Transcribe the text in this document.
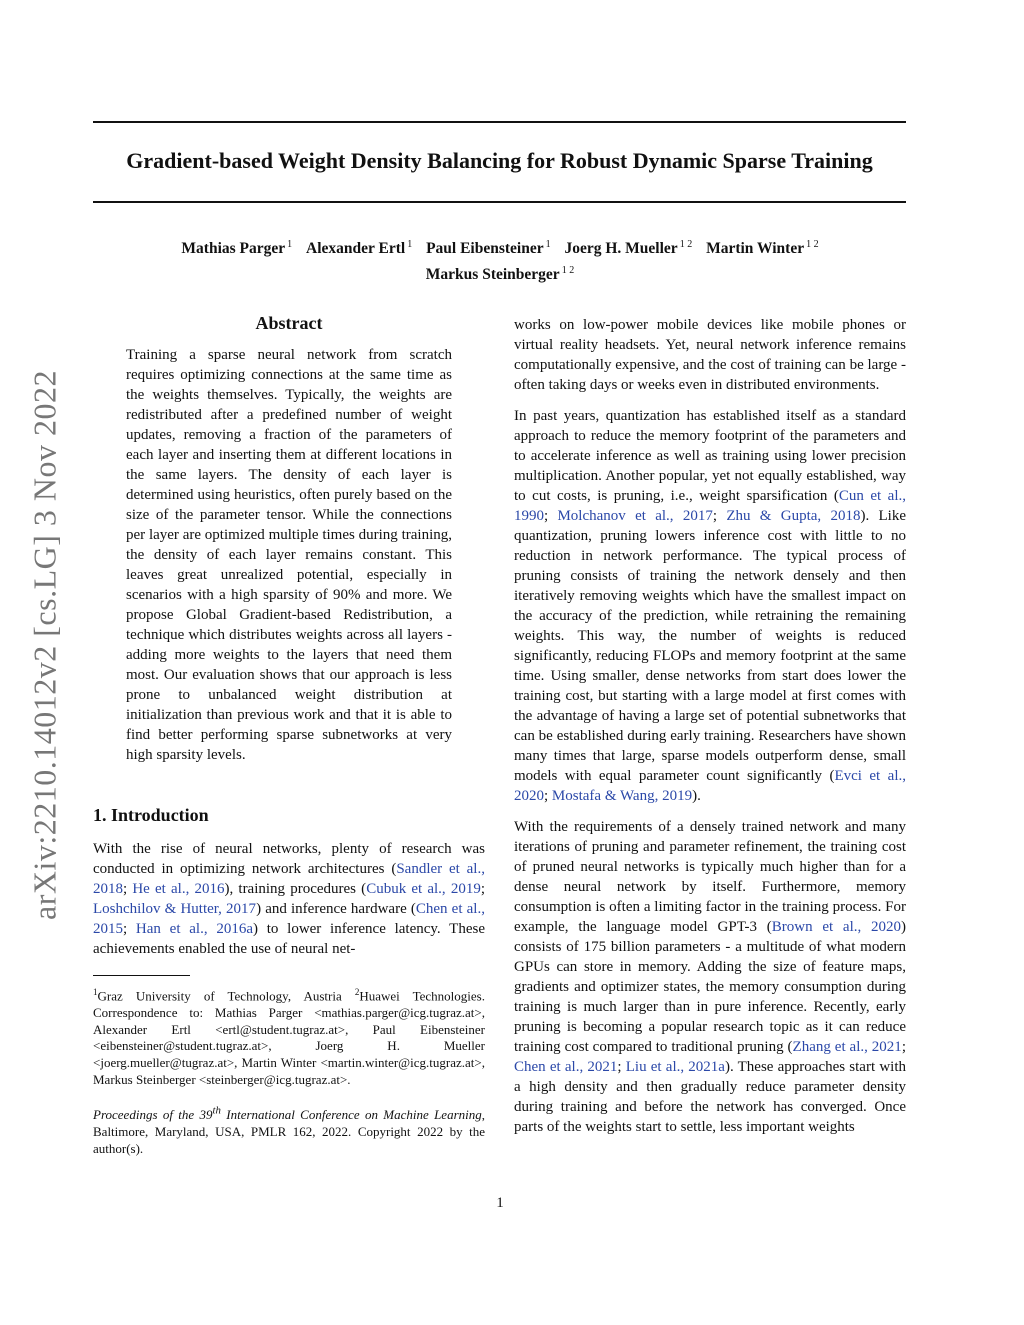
arXiv:2210.14012v2 [cs.LG] 3 Nov 2022
Gradient-based Weight Density Balancing for Robust Dynamic Sparse Training
Mathias Parger $^1$ Alexander Ertl $^1$ Paul Eibensteiner $^1$ Joerg H. Mueller $^{1 2}$ Martin Winter $^{1 2}$
Markus Steinberger $^{1 2}$
Abstract

Training a sparse neural network from scratch requires optimizing connections at the same time as the weights themselves. Typically, the weights are redistributed after a predefined number of weight updates, removing a fraction of the parameters of each layer and inserting them at different locations in the same layers. The density of each layer is determined using heuristics, often purely based on the size of the parameter tensor. While the connections per layer are optimized multiple times during training, the density of each layer remains constant. This leaves great unrealized potential, especially in scenarios with a high sparsity of 90% and more. We propose Global Gradient-based Redistribution, a technique which distributes weights across all layers - adding more weights to the layers that need them most. Our evaluation shows that our approach is less prone to unbalanced weight distribution at initialization than previous work and that it is able to find better performing sparse subnetworks at very high sparsity levels.

1. Introduction

With the rise of neural networks, plenty of research was conducted in optimizing network architectures (Sandler et al., 2018; He et al., 2016), training procedures (Cubuk et al., 2019; Loshchilov & Hutter, 2017) and inference hardware (Chen et al., 2015; Han et al., 2016a) to lower inference latency. These achievements enabled the use of neural net-

$^1$Graz University of Technology, Austria $^2$Huawei Technologies. Correspondence to: Mathias Parger <mathias.parger@icg.tugraz.at>, Alexander Ertl <ertl@student.tugraz.at>, Paul Eibensteiner <eibensteiner@student.tugraz.at>, Joerg H. Mueller <joerg.mueller@tugraz.at>, Martin Winter <martin.winter@icg.tugraz.at>, Markus Steinberger <steinberger@icg.tugraz.at>.

Proceedings of the 39th International Conference on Machine Learning, Baltimore, Maryland, USA, PMLR 162, 2022. Copyright 2022 by the author(s).

works on low-power mobile devices like mobile phones or virtual reality headsets. Yet, neural network inference remains computationally expensive, and the cost of training can be large - often taking days or weeks even in distributed environments.

In past years, quantization has established itself as a standard approach to reduce the memory footprint of the parameters and to accelerate inference as well as training using lower precision multiplication. Another popular, yet not equally established, way to cut costs, is pruning, i.e., weight sparsification (Cun et al., 1990; Molchanov et al., 2017; Zhu & Gupta, 2018). Like quantization, pruning lowers inference cost with little to no reduction in network performance. The typical process of pruning consists of training the network densely and then iteratively removing weights which have the smallest impact on the accuracy of the prediction, while retraining the remaining weights. This way, the number of weights is reduced significantly, reducing FLOPs and memory footprint at the same time. Using smaller, dense networks from start does lower the training cost, but starting with a large model at first comes with the advantage of having a large set of potential subnetworks that can be established during early training. Researchers have shown many times that large, sparse models outperform dense, small models with equal parameter count significantly (Evci et al., 2020; Mostafa & Wang, 2019).

With the requirements of a densely trained network and many iterations of pruning and parameter refinement, the training cost of pruned neural networks is typically much higher than for a dense neural network by itself. Furthermore, memory consumption is often a limiting factor in the training process. For example, the language model GPT-3 (Brown et al., 2020) consists of 175 billion parameters - a multitude of what modern GPUs can store in memory. Adding the size of feature maps, gradients and optimizer states, the memory consumption during training is much larger than in pure inference. Recently, early pruning is becoming a popular research topic as it can reduce training cost compared to traditional pruning (Zhang et al., 2021; Chen et al., 2021; Liu et al., 2021a). These approaches start with a high density and then gradually reduce parameter density during training and before the network has converged. Once parts of the weights start to settle, less important weights

1
